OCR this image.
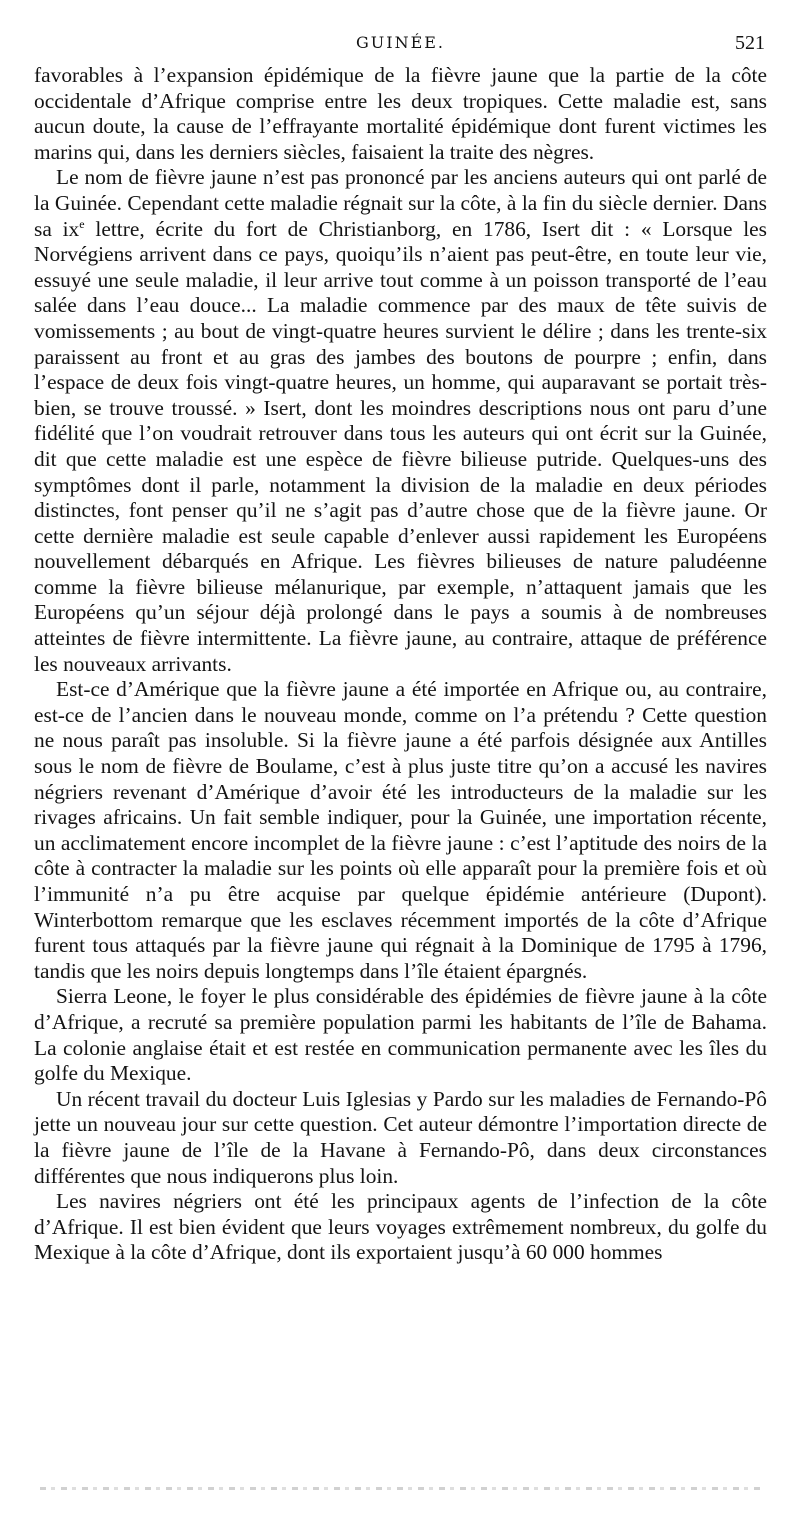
GUINÉE.	521

favorables à l’expansion épidémique de la fièvre jaune que la partie de la côte occidentale d’Afrique comprise entre les deux tropiques. Cette maladie est, sans aucun doute, la cause de l’effrayante mortalité épidémique dont furent victimes les marins qui, dans les derniers siècles, faisaient la traite des nègres.

Le nom de fièvre jaune n’est pas prononcé par les anciens auteurs qui ont parlé de la Guinée. Cependant cette maladie régnait sur la côte, à la fin du siècle dernier. Dans sa $ix^e$ lettre, écrite du fort de Christianborg, en 1786, Isert dit : « Lorsque les Norvégiens arrivent dans ce pays, quoiqu’ils n’aient pas peut-être, en toute leur vie, essuyé une seule maladie, il leur arrive tout comme à un poisson transporté de l’eau salée dans l’eau douce... La maladie commence par des maux de tête suivis de vomissements ; au bout de vingt-quatre heures survient le délire ; dans les trente-six paraissent au front et au gras des jambes des boutons de pourpre ; enfin, dans l’espace de deux fois vingt-quatre heures, un homme, qui auparavant se portait très-bien, se trouve troussé. » Isert, dont les moindres descriptions nous ont paru d’une fidélité que l’on voudrait retrouver dans tous les auteurs qui ont écrit sur la Guinée, dit que cette maladie est une espèce de fièvre bilieuse putride. Quelques-uns des symptômes dont il parle, notamment la division de la maladie en deux périodes distinctes, font penser qu’il ne s’agit pas d’autre chose que de la fièvre jaune. Or cette dernière maladie est seule capable d’enlever aussi rapidement les Européens nouvellement débarqués en Afrique. Les fièvres bilieuses de nature paludéenne comme la fièvre bilieuse mélanurique, par exemple, n’attaquent jamais que les Européens qu’un séjour déjà prolongé dans le pays a soumis à de nombreuses atteintes de fièvre intermittente. La fièvre jaune, au contraire, attaque de préférence les nouveaux arrivants.

Est-ce d’Amérique que la fièvre jaune a été importée en Afrique ou, au contraire, est-ce de l’ancien dans le nouveau monde, comme on l’a prétendu ? Cette question ne nous paraît pas insoluble. Si la fièvre jaune a été parfois désignée aux Antilles sous le nom de fièvre de Boulame, c’est à plus juste titre qu’on a accusé les navires négriers revenant d’Amérique d’avoir été les introducteurs de la maladie sur les rivages africains. Un fait semble indiquer, pour la Guinée, une importation récente, un acclimatement encore incomplet de la fièvre jaune : c’est l’aptitude des noirs de la côte à contracter la maladie sur les points où elle apparaît pour la première fois et où l’immunité n’a pu être acquise par quelque épidémie antérieure (Dupont). Winterbottom remarque que les esclaves récemment importés de la côte d’Afrique furent tous attaqués par la fièvre jaune qui régnait à la Dominique de 1795 à 1796, tandis que les noirs depuis longtemps dans l’île étaient épargnés.

Sierra Leone, le foyer le plus considérable des épidémies de fièvre jaune à la côte d’Afrique, a recruté sa première population parmi les habitants de l’île de Bahama. La colonie anglaise était et est restée en communication permanente avec les îles du golfe du Mexique.

Un récent travail du docteur Luis Iglesias y Pardo sur les maladies de Fernando-Pô jette un nouveau jour sur cette question. Cet auteur démontre l’importation directe de la fièvre jaune de l’île de la Havane à Fernando-Pô, dans deux circonstances différentes que nous indiquerons plus loin.

Les navires négriers ont été les principaux agents de l’infection de la côte d’Afrique. Il est bien évident que leurs voyages extrêmement nombreux, du golfe du Mexique à la côte d’Afrique, dont ils exportaient jusqu’à 60 000 hommes
